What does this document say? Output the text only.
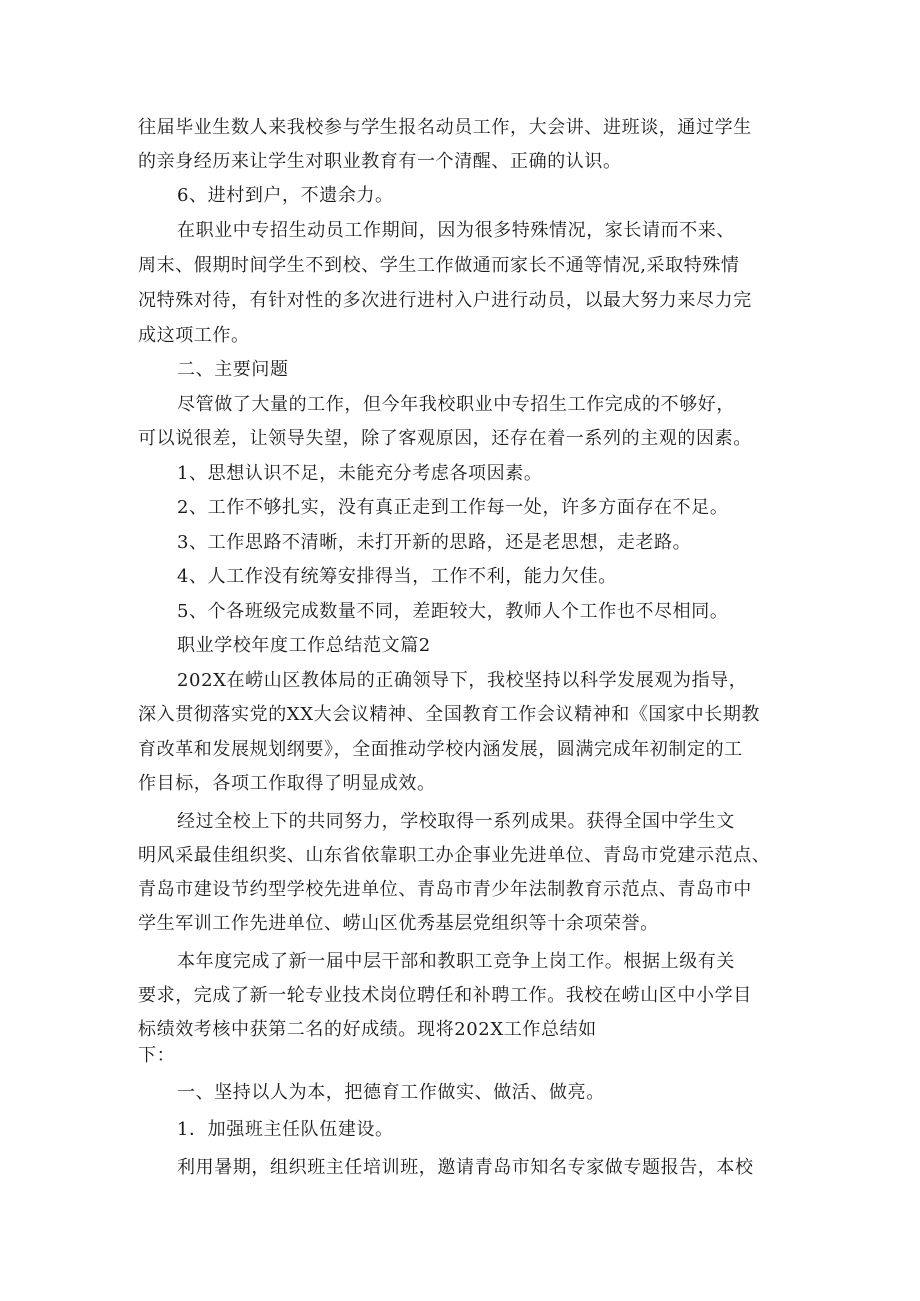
往届毕业生数人来我校参与学生报名动员工作，大会讲、进班谈，通过学生
的亲身经历来让学生对职业教育有一个清醒、正确的认识。
6、进村到户，不遗余力。
在职业中专招生动员工作期间，因为很多特殊情况，家长请而不来、
周末、假期时间学生不到校、学生工作做通而家长不通等情况,采取特殊情
况特殊对待，有针对性的多次进行进村入户进行动员，以最大努力来尽力完
成这项工作。
二、主要问题
尽管做了大量的工作，但今年我校职业中专招生工作完成的不够好，
可以说很差，让领导失望，除了客观原因，还存在着一系列的主观的因素。
1、思想认识不足，未能充分考虑各项因素。
2、工作不够扎实，没有真正走到工作每一处，许多方面存在不足。
3、工作思路不清晰，未打开新的思路，还是老思想，走老路。
4、人工作没有统筹安排得当，工作不利，能力欠佳。
5、个各班级完成数量不同，差距较大，教师人个工作也不尽相同。
职业学校年度工作总结范文篇2
202X在崂山区教体局的正确领导下，我校坚持以科学发展观为指导，
深入贯彻落实党的XX大会议精神、全国教育工作会议精神和《国家中长期教
育改革和发展规划纲要》，全面推动学校内涵发展，圆满完成年初制定的工
作目标，各项工作取得了明显成效。
经过全校上下的共同努力，学校取得一系列成果。获得全国中学生文
明风采最佳组织奖、山东省依靠职工办企事业先进单位、青岛市党建示范点、
青岛市建设节约型学校先进单位、青岛市青少年法制教育示范点、青岛市中
学生军训工作先进单位、崂山区优秀基层党组织等十余项荣誉。
本年度完成了新一届中层干部和教职工竞争上岗工作。根据上级有关
要求，完成了新一轮专业技术岗位聘任和补聘工作。我校在崂山区中小学目
标绩效考核中获第二名的好成绩。现将202X工作总结如
下：
一、坚持以人为本，把德育工作做实、做活、做亮。
1．加强班主任队伍建设。
利用暑期，组织班主任培训班，邀请青岛市知名专家做专题报告，本校
